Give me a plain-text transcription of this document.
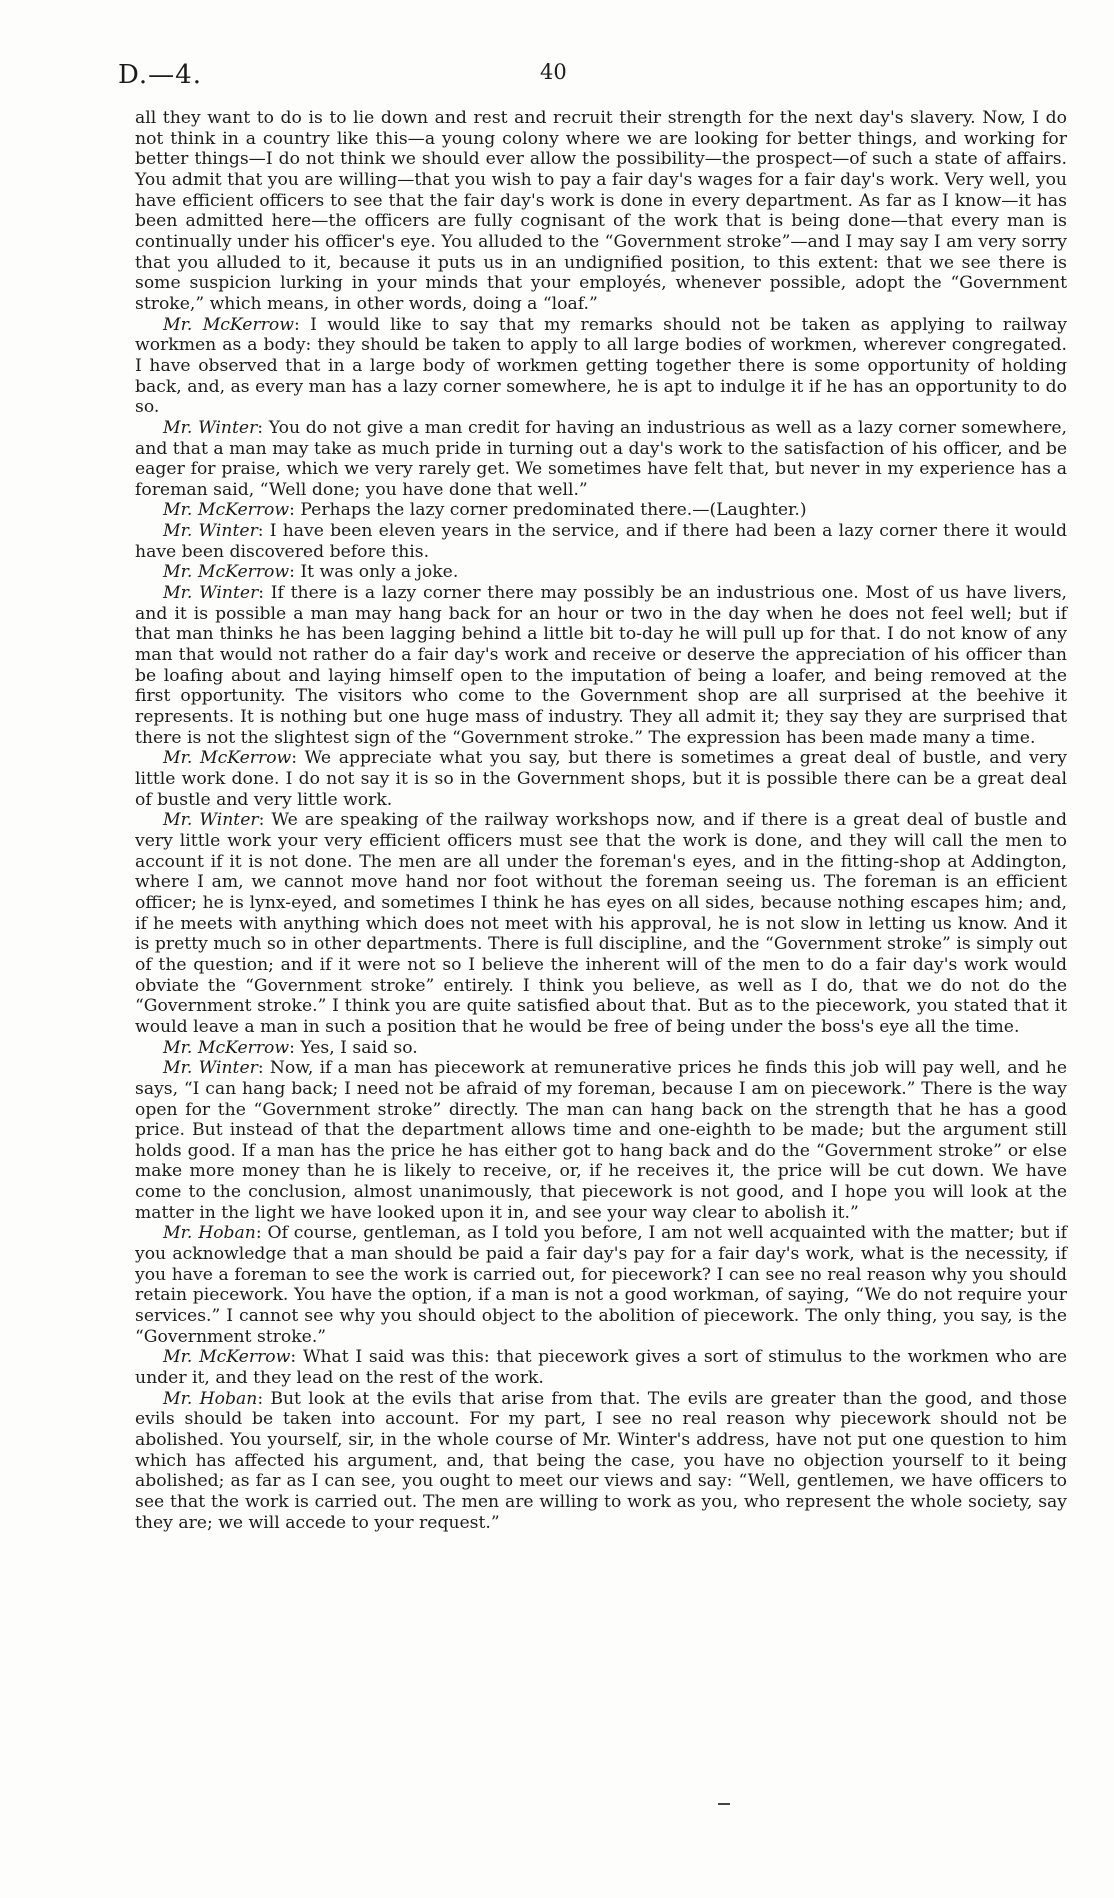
D.—4.	40

all they want to do is to lie down and rest and recruit their strength for the next day's slavery. Now, I do not think in a country like this—a young colony where we are looking for better things, and working for better things—I do not think we should ever allow the possibility—the prospect—of such a state of affairs. You admit that you are willing—that you wish to pay a fair day's wages for a fair day's work. Very well, you have efficient officers to see that the fair day's work is done in every department. As far as I know—it has been admitted here—the officers are fully cognisant of the work that is being done—that every man is continually under his officer's eye. You alluded to the “Government stroke”—and I may say I am very sorry that you alluded to it, because it puts us in an undignified position, to this extent: that we see there is some suspicion lurking in your minds that your employés, whenever possible, adopt the “Government stroke,” which means, in other words, doing a “loaf.”

Mr. McKerrow: I would like to say that my remarks should not be taken as applying to railway workmen as a body: they should be taken to apply to all large bodies of workmen, wherever congregated. I have observed that in a large body of workmen getting together there is some opportunity of holding back, and, as every man has a lazy corner somewhere, he is apt to indulge it if he has an opportunity to do so.

Mr. Winter: You do not give a man credit for having an industrious as well as a lazy corner somewhere, and that a man may take as much pride in turning out a day's work to the satisfaction of his officer, and be eager for praise, which we very rarely get. We sometimes have felt that, but never in my experience has a foreman said, “Well done; you have done that well.”

Mr. McKerrow: Perhaps the lazy corner predominated there.—(Laughter.)

Mr. Winter: I have been eleven years in the service, and if there had been a lazy corner there it would have been discovered before this.

Mr. McKerrow: It was only a joke.

Mr. Winter: If there is a lazy corner there may possibly be an industrious one. Most of us have livers, and it is possible a man may hang back for an hour or two in the day when he does not feel well; but if that man thinks he has been lagging behind a little bit to-day he will pull up for that. I do not know of any man that would not rather do a fair day's work and receive or deserve the appreciation of his officer than be loafing about and laying himself open to the imputation of being a loafer, and being removed at the first opportunity. The visitors who come to the Government shop are all surprised at the beehive it represents. It is nothing but one huge mass of industry. They all admit it; they say they are surprised that there is not the slightest sign of the “Government stroke.” The expression has been made many a time.

Mr. McKerrow: We appreciate what you say, but there is sometimes a great deal of bustle, and very little work done. I do not say it is so in the Government shops, but it is possible there can be a great deal of bustle and very little work.

Mr. Winter: We are speaking of the railway workshops now, and if there is a great deal of bustle and very little work your very efficient officers must see that the work is done, and they will call the men to account if it is not done. The men are all under the foreman's eyes, and in the fitting-shop at Addington, where I am, we cannot move hand nor foot without the foreman seeing us. The foreman is an efficient officer; he is lynx-eyed, and sometimes I think he has eyes on all sides, because nothing escapes him; and, if he meets with anything which does not meet with his approval, he is not slow in letting us know. And it is pretty much so in other departments. There is full discipline, and the “Government stroke” is simply out of the question; and if it were not so I believe the inherent will of the men to do a fair day's work would obviate the “Government stroke” entirely. I think you believe, as well as I do, that we do not do the “Government stroke.” I think you are quite satisfied about that. But as to the piecework, you stated that it would leave a man in such a position that he would be free of being under the boss's eye all the time.

Mr. McKerrow: Yes, I said so.

Mr. Winter: Now, if a man has piecework at remunerative prices he finds this job will pay well, and he says, “I can hang back; I need not be afraid of my foreman, because I am on piecework.” There is the way open for the “Government stroke” directly. The man can hang back on the strength that he has a good price. But instead of that the department allows time and one-eighth to be made; but the argument still holds good. If a man has the price he has either got to hang back and do the “Government stroke” or else make more money than he is likely to receive, or, if he receives it, the price will be cut down. We have come to the conclusion, almost unanimously, that piecework is not good, and I hope you will look at the matter in the light we have looked upon it in, and see your way clear to abolish it.”

Mr. Hoban: Of course, gentleman, as I told you before, I am not well acquainted with the matter; but if you acknowledge that a man should be paid a fair day's pay for a fair day's work, what is the necessity, if you have a foreman to see the work is carried out, for piecework? I can see no real reason why you should retain piecework. You have the option, if a man is not a good workman, of saying, “We do not require your services.” I cannot see why you should object to the abolition of piecework. The only thing, you say, is the “Government stroke.”

Mr. McKerrow: What I said was this: that piecework gives a sort of stimulus to the workmen who are under it, and they lead on the rest of the work.

Mr. Hoban: But look at the evils that arise from that. The evils are greater than the good, and those evils should be taken into account. For my part, I see no real reason why piecework should not be abolished. You yourself, sir, in the whole course of Mr. Winter's address, have not put one question to him which has affected his argument, and, that being the case, you have no objection yourself to it being abolished; as far as I can see, you ought to meet our views and say: “Well, gentlemen, we have officers to see that the work is carried out. The men are willing to work as you, who represent the whole society, say they are; we will accede to your request.”
